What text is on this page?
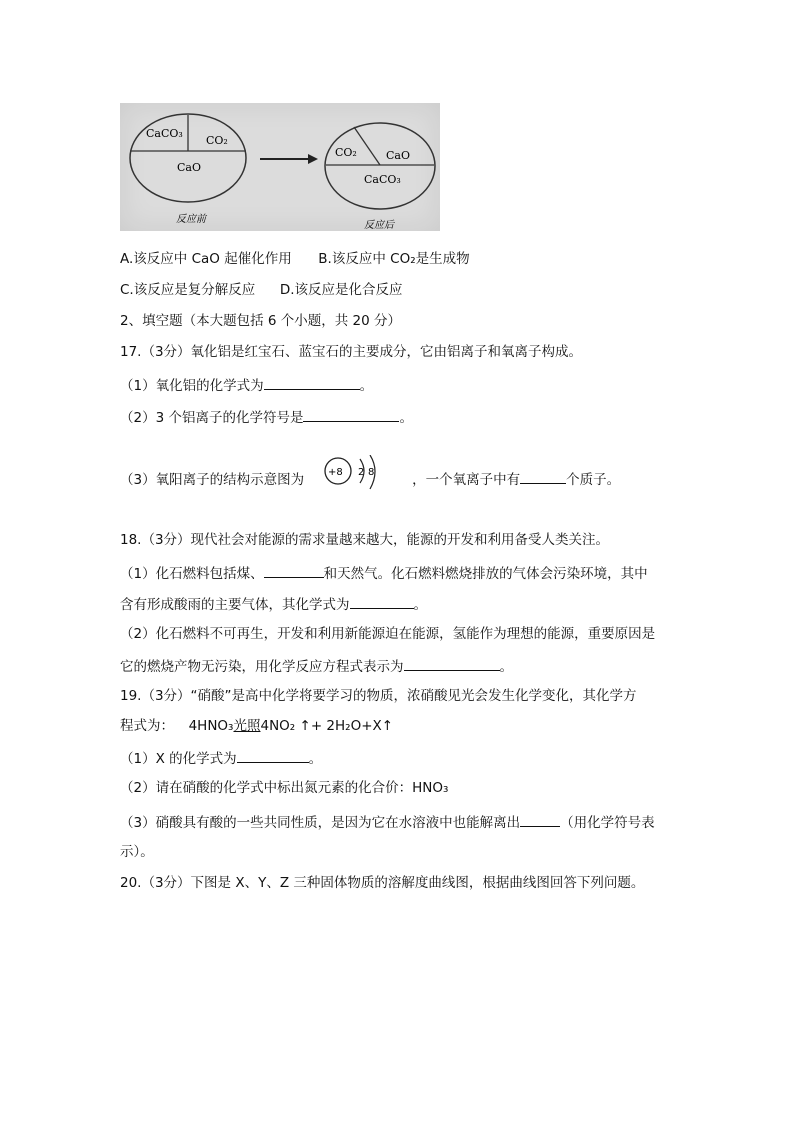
CaCO₃
CO₂
CaO
CO₂	CaO
CaCO₃
反应前
反应后
A.该反应中 CaO 起催化作用 B.该反应中 CO₂是生成物
C.该反应是复分解反应 D.该反应是化合反应
2、填空题（本大题包括 6 个小题，共 20 分）
17.（3分）氧化铝是红宝石、蓝宝石的主要成分，它由铝离子和氧离子构成。
（1）氧化铝的化学式为	。
（2）3 个铝离子的化学符号是	。
（3）氧阳离子的结构示意图为	，一个氧离子中有	个质子。
+8 2 8
18.（3分）现代社会对能源的需求量越来越大，能源的开发和利用备受人类关注。
（1）化石燃料包括煤、	和天然气。化石燃料燃烧排放的气体会污染环境，其中
含有形成酸雨的主要气体，其化学式为	。
（2）化石燃料不可再生，开发和利用新能源迫在能源，氢能作为理想的能源，重要原因是
它的燃烧产物无污染，用化学反应方程式表示为	。
19.（3分）“硝酸”是高中化学将要学习的物质，浓硝酸见光会发生化学变化，其化学方
程式为： 4HNO₃光照4NO₂ ↑+ 2H₂O+X↑
（1）X 的化学式为	。
（2）请在硝酸的化学式中标出氮元素的化合价：HNO₃
（3）硝酸具有酸的一些共同性质，是因为它在水溶液中也能解离出	（用化学符号表
示）。
20.（3分）下图是 X、Y、Z 三种固体物质的溶解度曲线图，根据曲线图回答下列问题。
